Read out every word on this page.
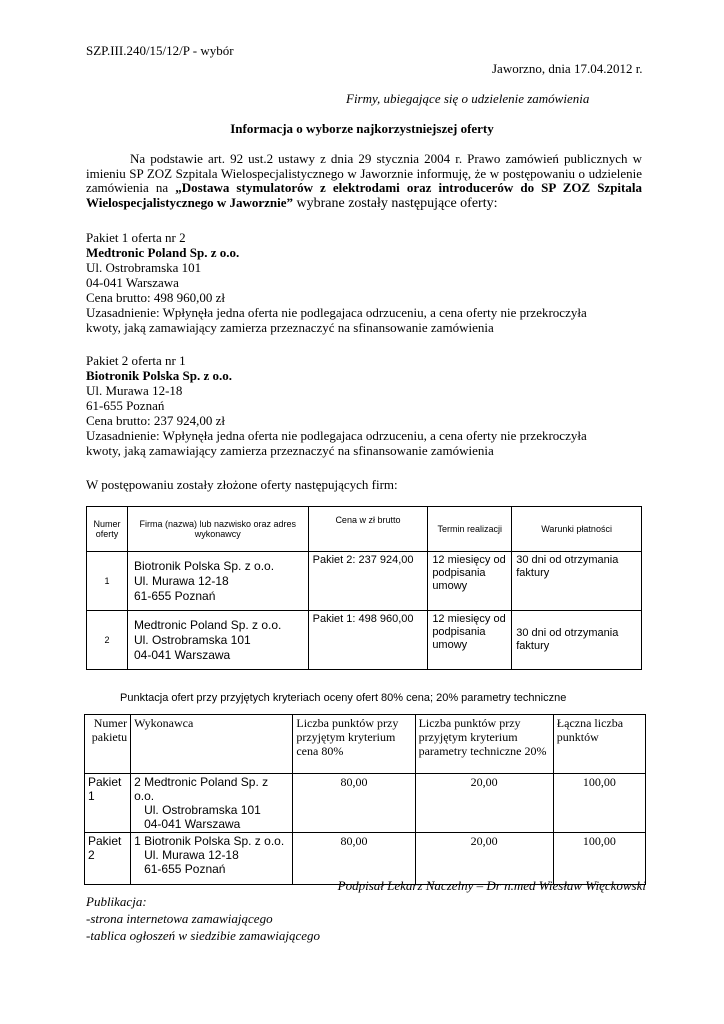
SZP.III.240/15/12/P - wybór
Jaworzno, dnia 17.04.2012 r.
Firmy, ubiegające się o udzielenie zamówienia
Informacja o wyborze najkorzystniejszej oferty

Na podstawie art. 92 ust.2 ustawy z dnia 29 stycznia 2004 r. Prawo zamówień publicznych w imieniu SP ZOZ Szpitala Wielospecjalistycznego w Jaworznie informuję, że w postępowaniu o udzielenie zamówienia na „Dostawa stymulatorów z elektrodami oraz introducerów do SP ZOZ Szpitala Wielospecjalistycznego w Jaworznie” wybrane zostały następujące oferty:

Pakiet 1 oferta nr 2
Medtronic Poland Sp. z o.o.
Ul. Ostrobramska 101
04-041 Warszawa
Cena brutto: 498 960,00 zł
Uzasadnienie: Wpłynęła jedna oferta nie podlegajaca odrzuceniu, a cena oferty nie przekroczyła
kwoty, jaką zamawiający zamierza przeznaczyć na sfinansowanie zamówienia
Pakiet 2 oferta nr 1
Biotronik Polska Sp. z o.o.
Ul. Murawa 12-18
61-655 Poznań
Cena brutto: 237 924,00 zł
Uzasadnienie: Wpłynęła jedna oferta nie podlegajaca odrzuceniu, a cena oferty nie przekroczyła
kwoty, jaką zamawiający zamierza przeznaczyć na sfinansowanie zamówienia
W postępowaniu zostały złożone oferty następujących firm:
Numer oferty	Firma (nazwa) lub nazwisko oraz adres wykonawcy	Cena w zł brutto	Termin realizacji	Warunki płatności
1	Biotronik Polska Sp. z o.o.
Ul. Murawa 12-18
61-655 Poznań	Pakiet 2: 237 924,00	12 miesięcy od podpisania umowy	30 dni od otrzymania faktury
2	Medtronic Poland Sp. z o.o.
Ul. Ostrobramska 101
04-041 Warszawa	Pakiet 1: 498 960,00	12 miesięcy od podpisania umowy	30 dni od otrzymania faktury
Punktacja ofert przy przyjętych kryteriach oceny ofert 80% cena; 20% parametry techniczne
Numer pakietu	Wykonawca	Liczba punktów przy przyjętym kryterium cena 80%	Liczba punktów przy przyjętym kryterium parametry techniczne 20%	Łączna liczba punktów
Pakiet 1	2 Medtronic Poland Sp. z o.o.
Ul. Ostrobramska 101
04-041 Warszawa	80,00	20,00	100,00
Pakiet 2	1 Biotronik Polska Sp. z o.o.
Ul. Murawa 12-18
61-655 Poznań	80,00	20,00	100,00
Podpisał Lekarz Naczelny – Dr n.med Wiesław Więckowski
Publikacja:
-strona internetowa zamawiającego
-tablica ogłoszeń w siedzibie zamawiającego
